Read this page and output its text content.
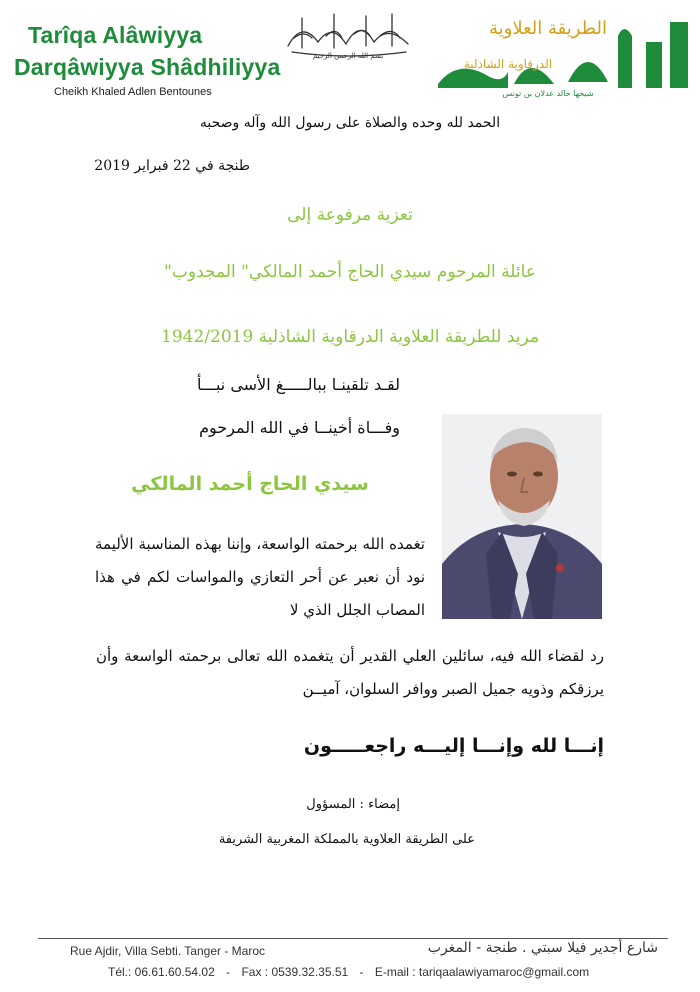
Tarîqa Alâwiyya
Darqâwiyya Shâdhiliyya
Cheikh Khaled Adlen Bentounes
بسم الله الرحمن الرحيم
الطريقة العلاوية
الدرقاوية الشاذلية
شيخها خالد عدلان بن تونس
الحمد لله وحده والصلاة على رسول الله وآله وصحبه
طنجة في 22 فبراير 2019
تعزية مرفوعة إلى
عائلة المرحوم سيدي الحاج أحمد المالكي" المجدوب"
مريد للطريقة العلاوية الدرقاوية الشاذلية 1942/2019
لقـد تلقينـا ببالـــــغ الأسى نبـــأ
وفـــاة أخينــا في الله المرحوم
سيدي الحاج أحمد المالكي
تغمده الله برحمته الواسعة، وإننا بهذه المناسبة الأليمة نود أن نعبر عن أحر التعازي والمواسات لكم في هذا المصاب الجلل الذي لا
رد لقضاء الله فيه، سائلين العلي القدير أن يتغمده الله تعالى برحمته الواسعة وأن يرزقكم وذويه جميل الصبر ووافر السلوان، آميــن
إنـــا لله وإنـــا إليـــه راجعـــــون
إمضاء : المسؤول
على الطريقة العلاوية بالمملكة المغربية الشريفة
Rue Ajdir, Villa Sebti. Tanger - Maroc	شارع أجدير فيلا سبتي . طنجة - المغرب
Tél.: 06.61.60.54.02 - Fax : 0539.32.35.51 - E-mail : tariqaalawiyamaroc@gmail.com
